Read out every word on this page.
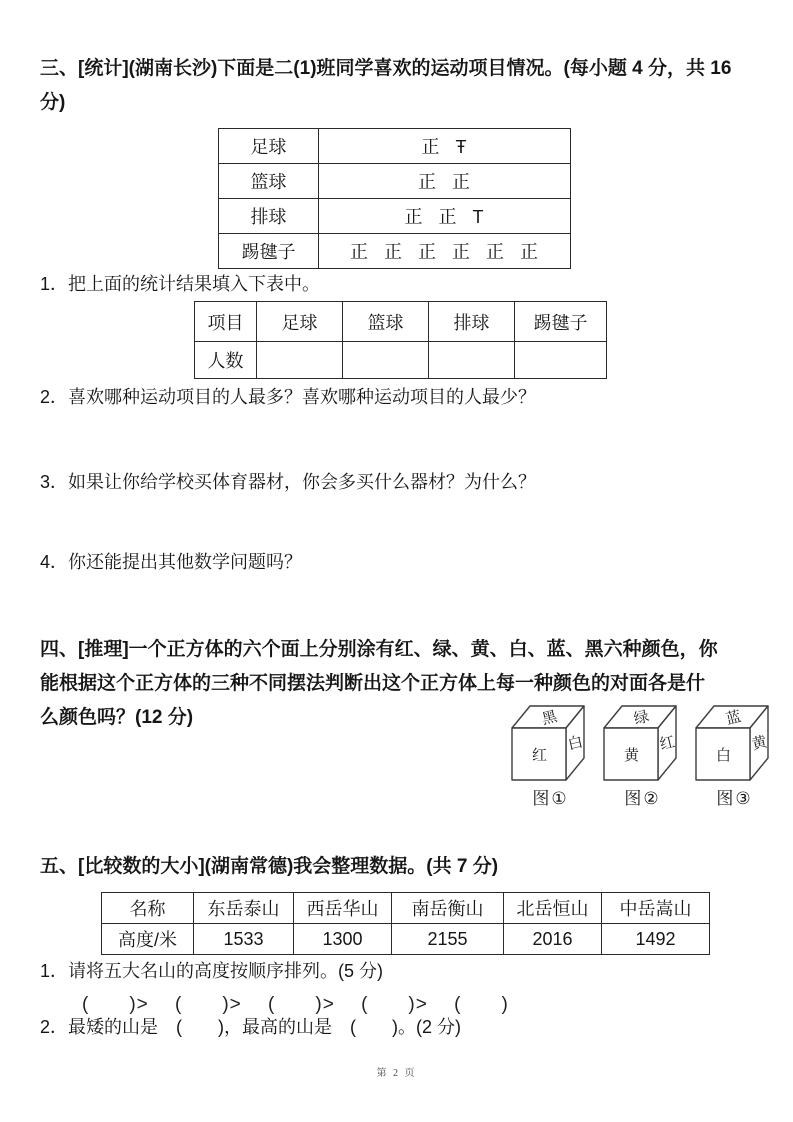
三、[统计](湖南长沙)下面是二(1)班同学喜欢的运动项目情况。(每小题 4 分，共 16
分)
足球	正 Ŧ
篮球	正 正
排球	正 正 T
踢毽子	正 正 正 正 正 正
1．把上面的统计结果填入下表中。
项目	足球	篮球	排球	踢毽子
人数				
2．喜欢哪种运动项目的人最多？喜欢哪种运动项目的人最少？
3．如果让你给学校买体育器材，你会多买什么器材？为什么？
4．你还能提出其他数学问题吗？
四、[推理]一个正方体的六个面上分别涂有红、绿、黄、白、蓝、黑六种颜色，你
能根据这个正方体的三种不同摆法判断出这个正方体上每一种颜色的对面各是什
么颜色吗？(12 分)	黑
红
白
图①
绿
黄
红
图②
蓝
白
黄
图③
五、[比较数的大小](湖南常德)我会整理数据。(共 7 分)
名称	东岳泰山	西岳华山	南岳衡山	北岳恒山	中岳嵩山
高度/米	1533	1300	2155	2016	1492
1．请将五大名山的高度按顺序排列。(5 分)
(　　)>　 (　　)>　 (　　)>　 (　　)>　 (　　)
2．最矮的山是　(　　)，最高的山是　(　　)。(2 分)
第 2 页
